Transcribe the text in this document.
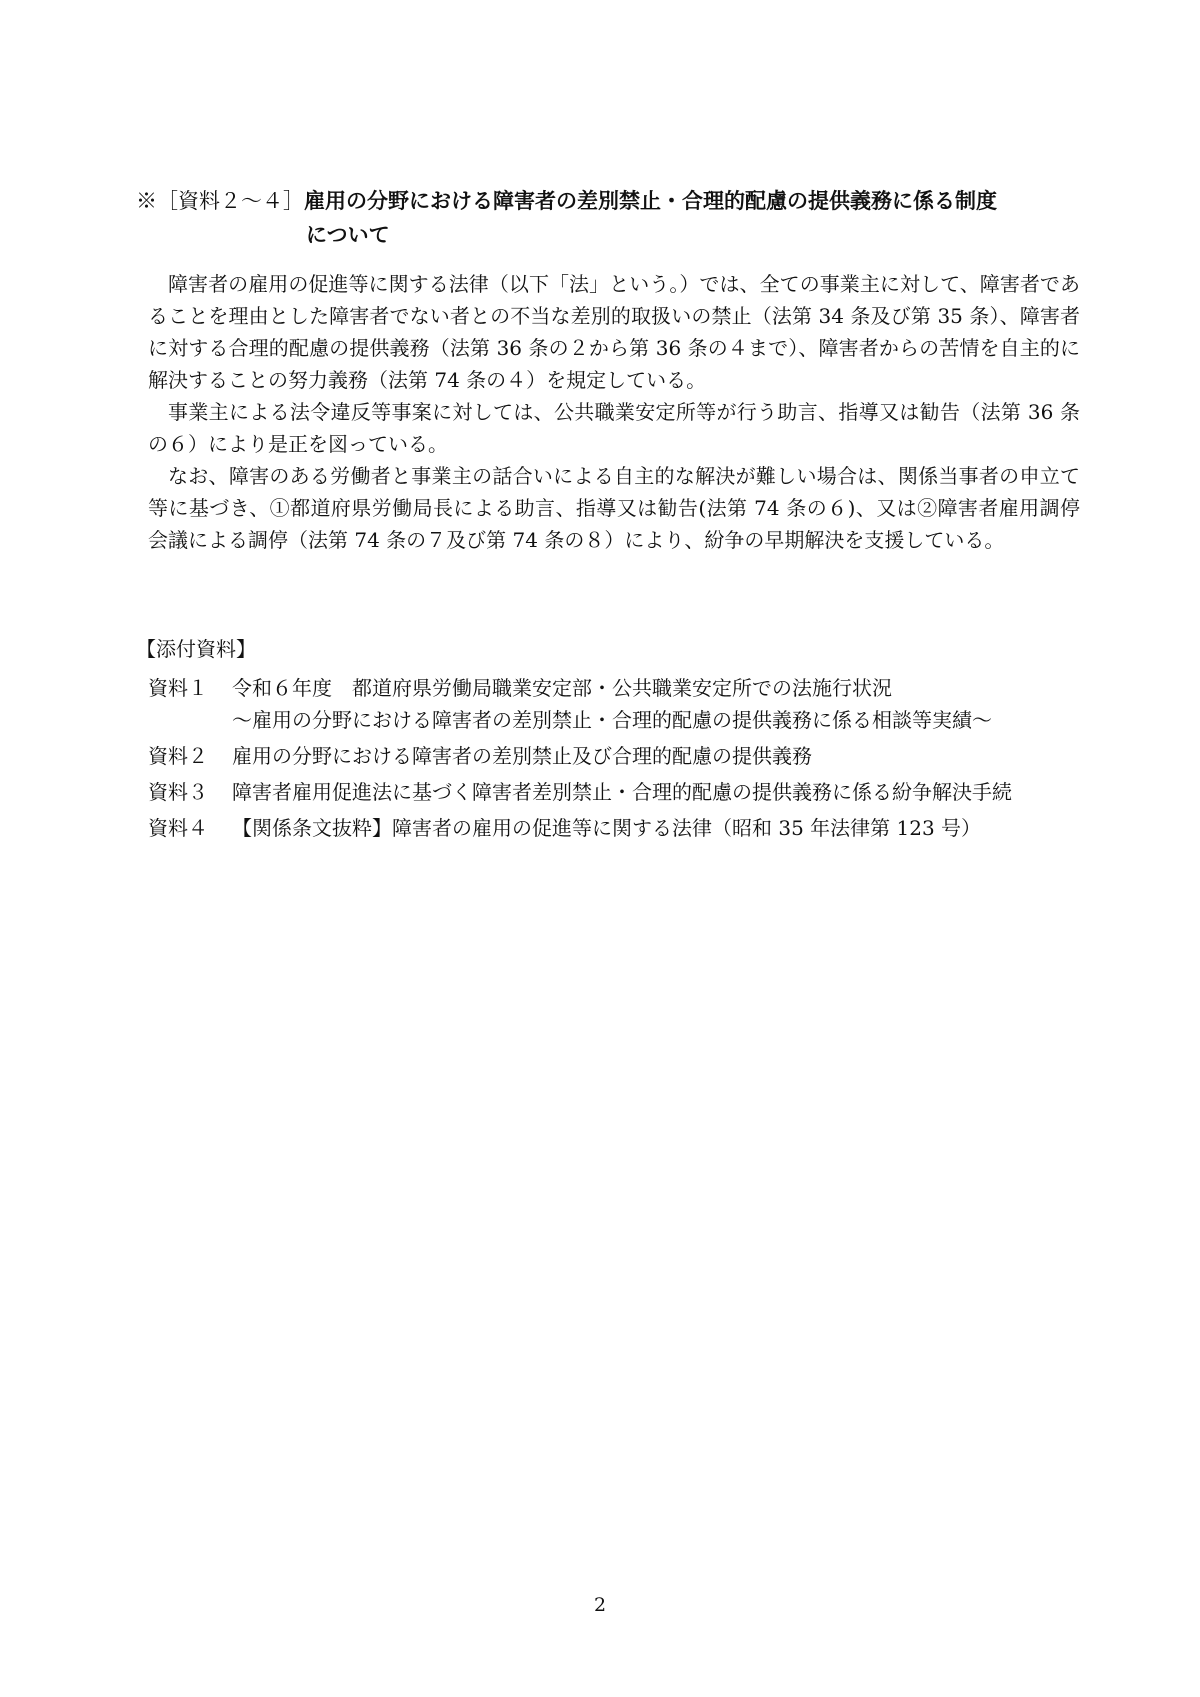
※［資料２～４］雇用の分野における障害者の差別禁止・合理的配慮の提供義務に係る制度
について

障害者の雇用の促進等に関する法律（以下「法」という。）では、全ての事業主に対して、障害者であることを理由とした障害者でない者との不当な差別的取扱いの禁止（法第 34 条及び第 35 条）、障害者に対する合理的配慮の提供義務（法第 36 条の２から第 36 条の４まで）、障害者からの苦情を自主的に解決することの努力義務（法第 74 条の４）を規定している。

事業主による法令違反等事案に対しては、公共職業安定所等が行う助言、指導又は勧告（法第 36 条の６）により是正を図っている。

なお、障害のある労働者と事業主の話合いによる自主的な解決が難しい場合は、関係当事者の申立て等に基づき、①都道府県労働局長による助言、指導又は勧告(法第 74 条の６)、又は②障害者雇用調停会議による調停（法第 74 条の７及び第 74 条の８）により、紛争の早期解決を支援している。

【添付資料】
資料１	令和６年度　都道府県労働局職業安定部・公共職業安定所での法施行状況
～雇用の分野における障害者の差別禁止・合理的配慮の提供義務に係る相談等実績～
資料２	雇用の分野における障害者の差別禁止及び合理的配慮の提供義務
資料３	障害者雇用促進法に基づく障害者差別禁止・合理的配慮の提供義務に係る紛争解決手続
資料４	【関係条文抜粋】障害者の雇用の促進等に関する法律（昭和 35 年法律第 123 号）
2
